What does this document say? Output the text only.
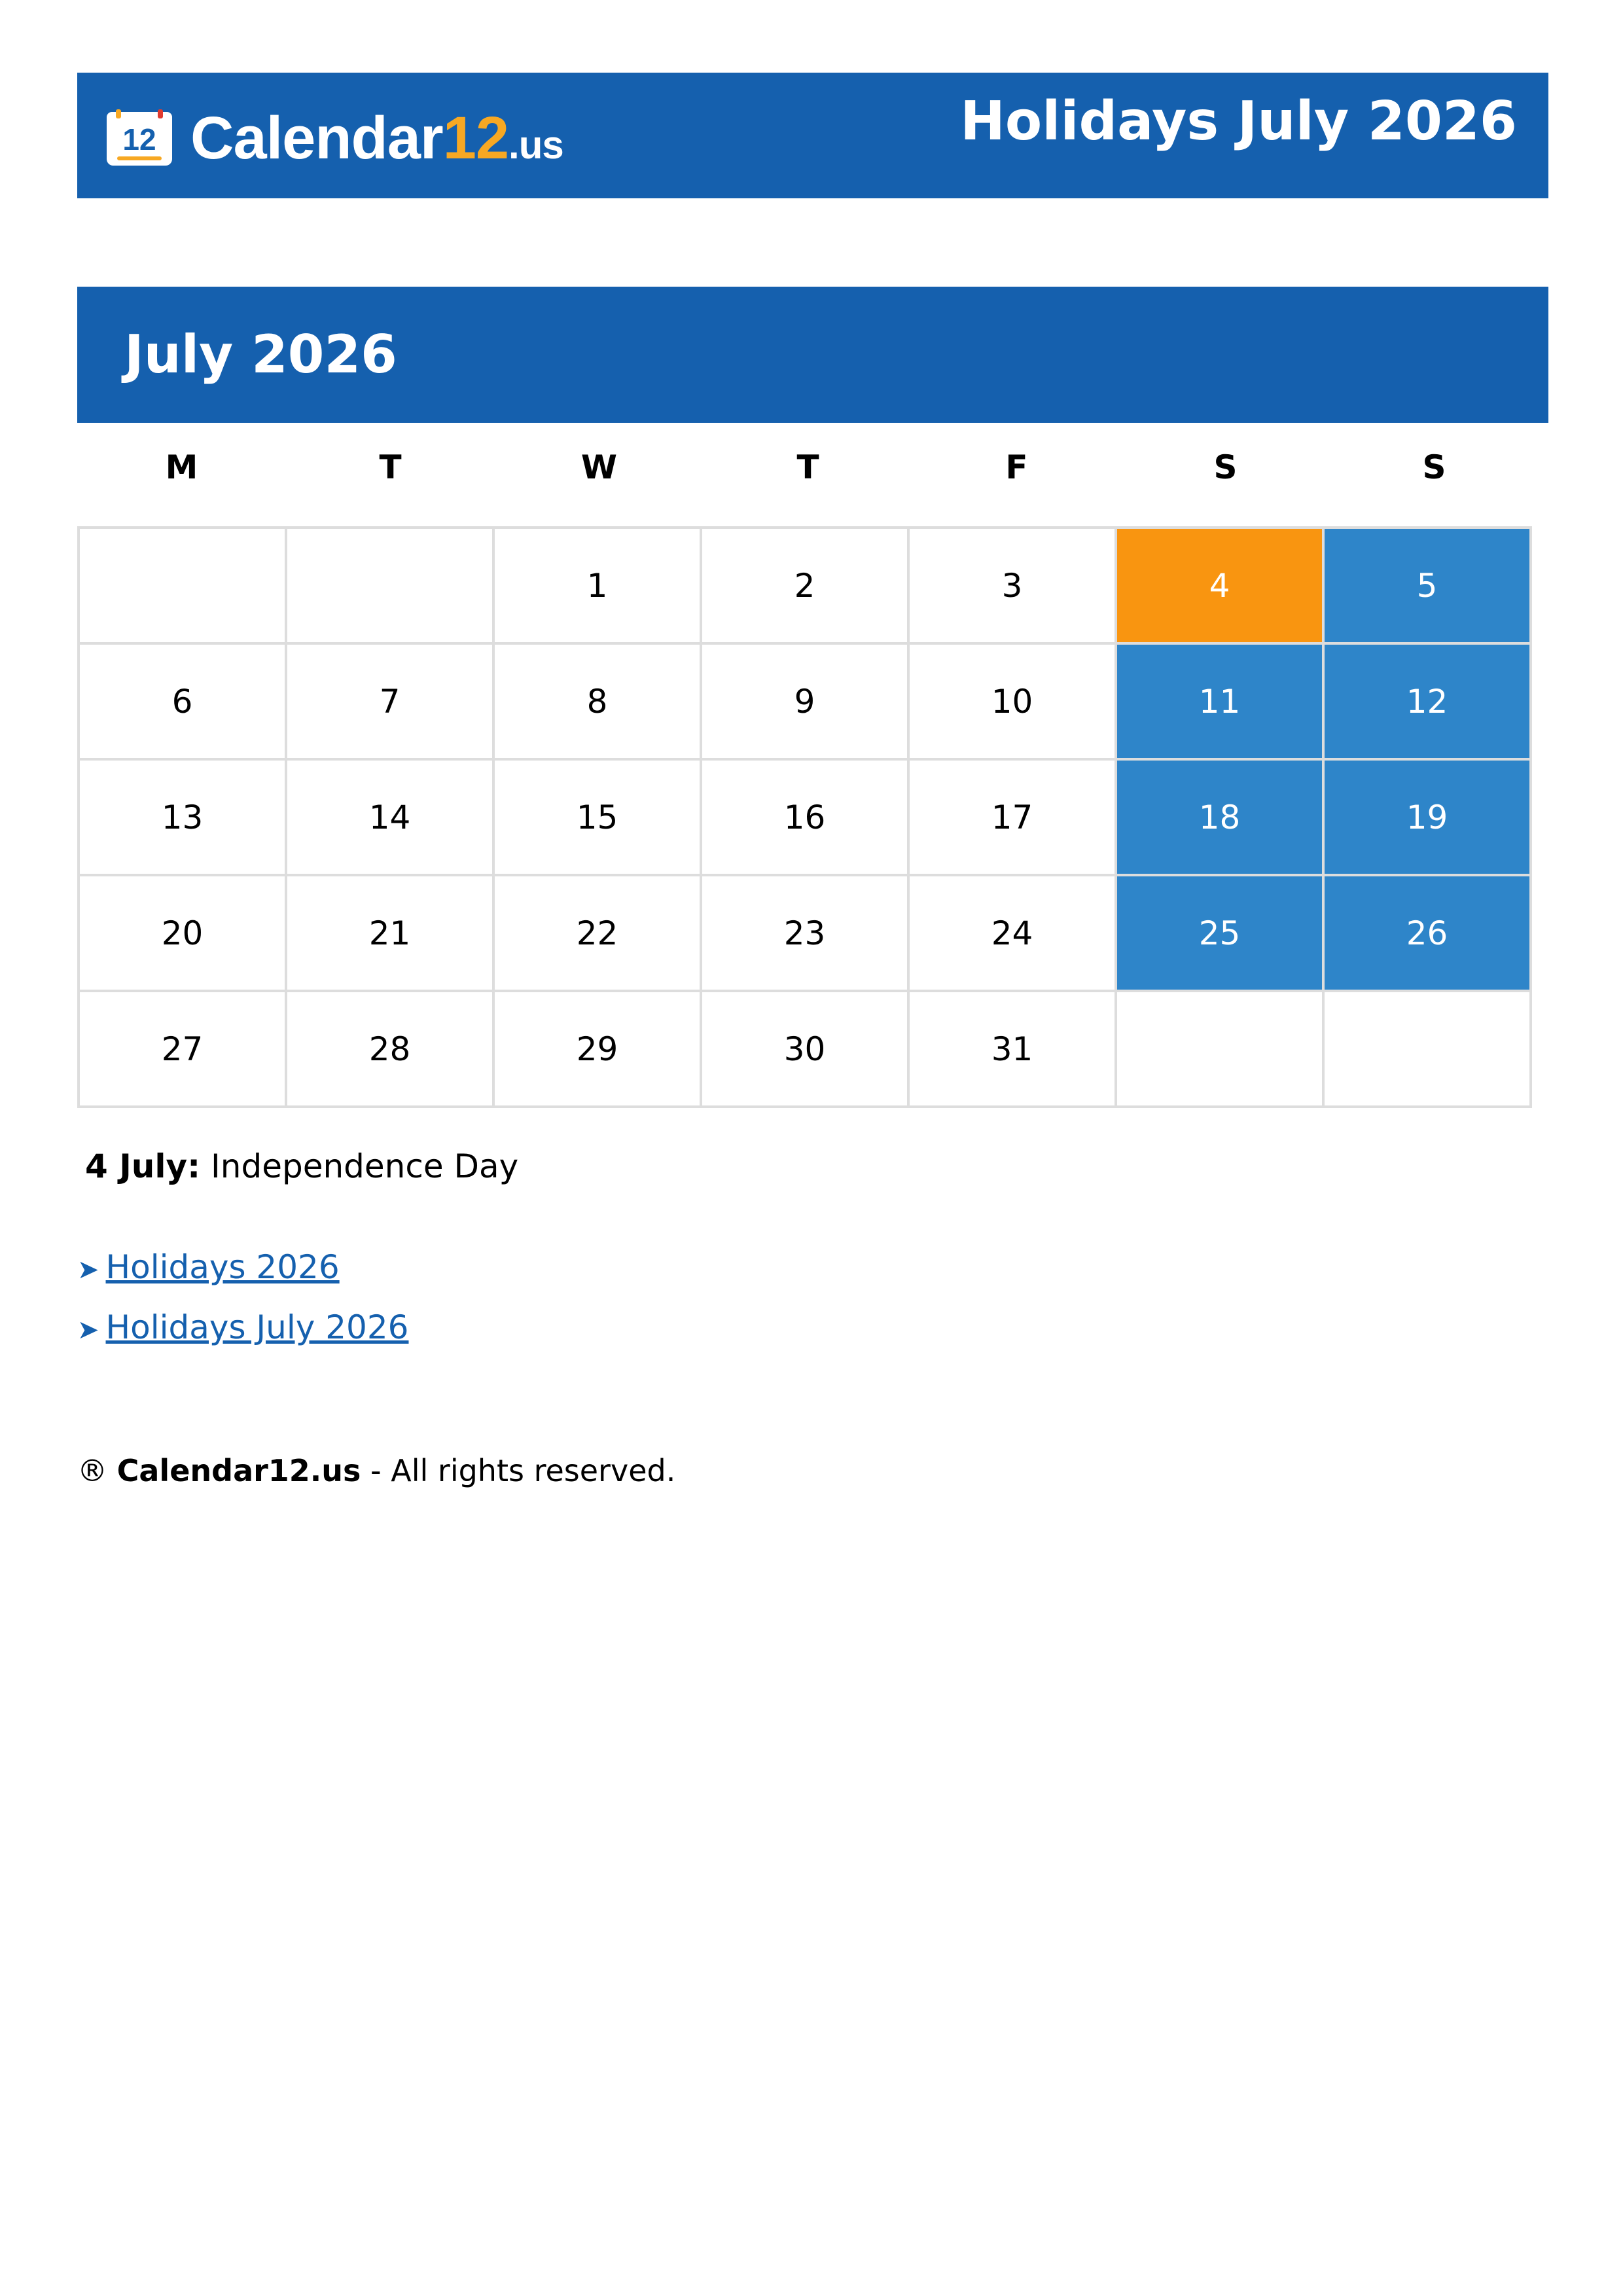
12 Calendar12.us	Holidays July 2026
July 2026
M	T	W	T	F	S	S
		1	2	3	4	5
6	7	8	9	10	11	12
13	14	15	16	17	18	19
20	21	22	23	24	25	26
27	28	29	30	31		
4 July: Independence Day
➤ Holidays 2026
➤ Holidays July 2026
® Calendar12.us - All rights reserved.
